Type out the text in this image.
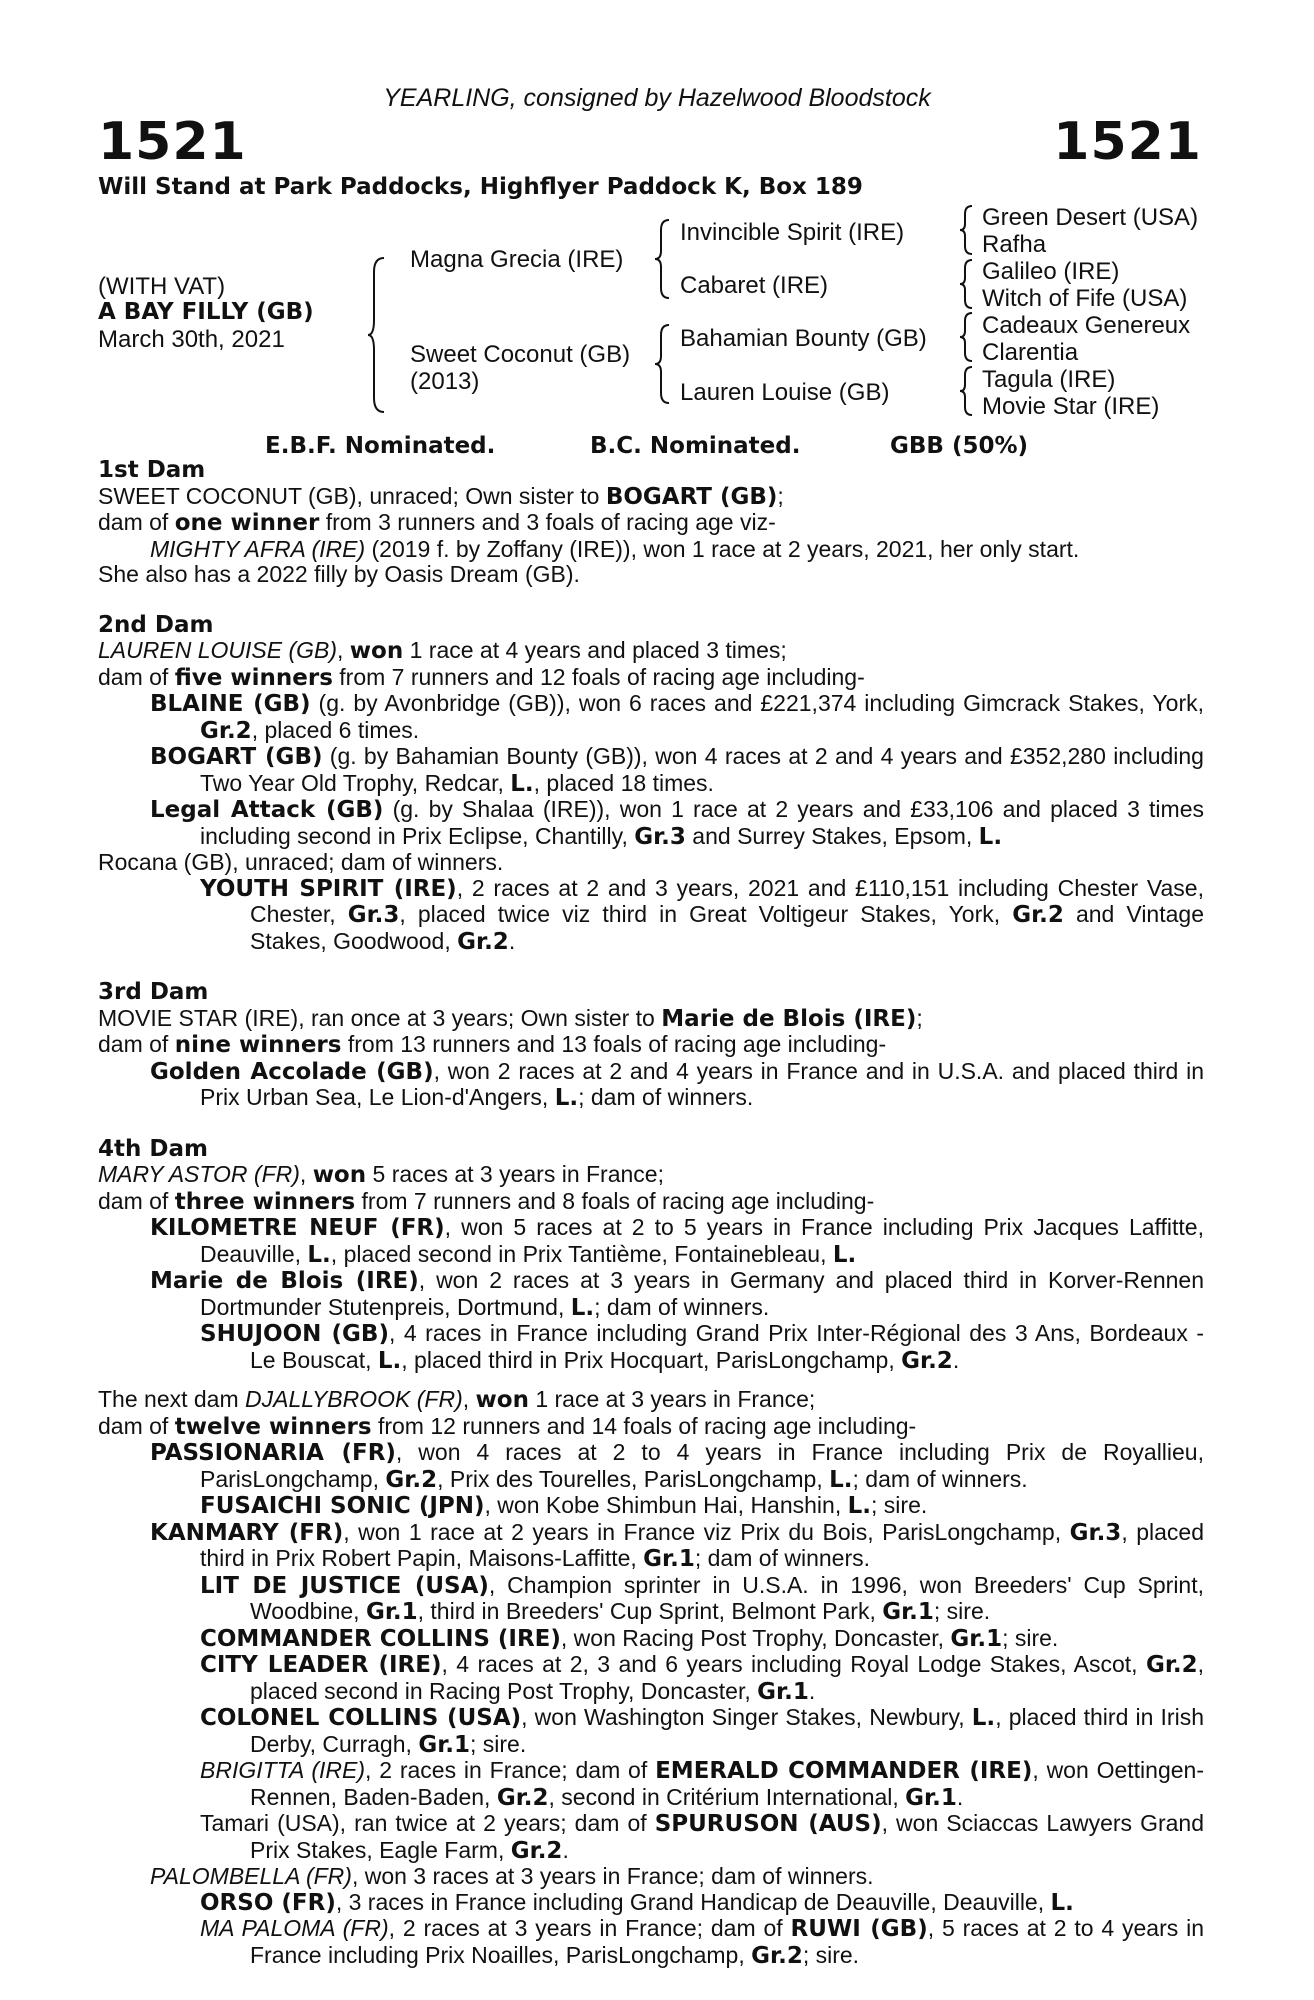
YEARLING, consigned by Hazelwood Bloodstock
1521	1521
Will Stand at Park Paddocks, Highflyer Paddock K, Box 189
(WITH VAT)
A BAY FILLY (GB)
March 30th, 2021
Magna Grecia (IRE)
Sweet Coconut (GB)
(2013)
Invincible Spirit (IRE)
Cabaret (IRE)
Bahamian Bounty (GB)
Lauren Louise (GB)
Green Desert (USA)
Rafha
Galileo (IRE)
Witch of Fife (USA)
Cadeaux Genereux
Clarentia
Tagula (IRE)
Movie Star (IRE)
E.B.F. Nominated.	B.C. Nominated.	GBB (50%)

1st Dam

SWEET COCONUT (GB), unraced; Own sister to BOGART (GB);

dam of one winner from 3 runners and 3 foals of racing age viz-

MIGHTY AFRA (IRE) (2019 f. by Zoffany (IRE)), won 1 race at 2 years, 2021, her only start.

She also has a 2022 filly by Oasis Dream (GB).

2nd Dam

LAUREN LOUISE (GB), won 1 race at 4 years and placed 3 times;

dam of five winners from 7 runners and 12 foals of racing age including-

BLAINE (GB) (g. by Avonbridge (GB)), won 6 races and £221,374 including Gimcrack Stakes, York, Gr.2, placed 6 times.

BOGART (GB) (g. by Bahamian Bounty (GB)), won 4 races at 2 and 4 years and £352,280 including Two Year Old Trophy, Redcar, L., placed 18 times.

Legal Attack (GB) (g. by Shalaa (IRE)), won 1 race at 2 years and £33,106 and placed 3 times including second in Prix Eclipse, Chantilly, Gr.3 and Surrey Stakes, Epsom, L.

Rocana (GB), unraced; dam of winners.

YOUTH SPIRIT (IRE), 2 races at 2 and 3 years, 2021 and £110,151 including Chester Vase, Chester, Gr.3, placed twice viz third in Great Voltigeur Stakes, York, Gr.2 and Vintage Stakes, Goodwood, Gr.2.

3rd Dam

MOVIE STAR (IRE), ran once at 3 years; Own sister to Marie de Blois (IRE);

dam of nine winners from 13 runners and 13 foals of racing age including-

Golden Accolade (GB), won 2 races at 2 and 4 years in France and in U.S.A. and placed third in Prix Urban Sea, Le Lion-d'Angers, L.; dam of winners.

4th Dam

MARY ASTOR (FR), won 5 races at 3 years in France;

dam of three winners from 7 runners and 8 foals of racing age including-

KILOMETRE NEUF (FR), won 5 races at 2 to 5 years in France including Prix Jacques Laffitte, Deauville, L., placed second in Prix Tantième, Fontainebleau, L.

Marie de Blois (IRE), won 2 races at 3 years in Germany and placed third in Korver-Rennen Dortmunder Stutenpreis, Dortmund, L.; dam of winners.

SHUJOON (GB), 4 races in France including Grand Prix Inter-Régional des 3 Ans, Bordeaux - Le Bouscat, L., placed third in Prix Hocquart, ParisLongchamp, Gr.2.

The next dam DJALLYBROOK (FR), won 1 race at 3 years in France;

dam of twelve winners from 12 runners and 14 foals of racing age including-

PASSIONARIA (FR), won 4 races at 2 to 4 years in France including Prix de Royallieu, ParisLongchamp, Gr.2, Prix des Tourelles, ParisLongchamp, L.; dam of winners.

FUSAICHI SONIC (JPN), won Kobe Shimbun Hai, Hanshin, L.; sire.

KANMARY (FR), won 1 race at 2 years in France viz Prix du Bois, ParisLongchamp, Gr.3, placed third in Prix Robert Papin, Maisons-Laffitte, Gr.1; dam of winners.

LIT DE JUSTICE (USA), Champion sprinter in U.S.A. in 1996, won Breeders' Cup Sprint, Woodbine, Gr.1, third in Breeders' Cup Sprint, Belmont Park, Gr.1; sire.

COMMANDER COLLINS (IRE), won Racing Post Trophy, Doncaster, Gr.1; sire.

CITY LEADER (IRE), 4 races at 2, 3 and 6 years including Royal Lodge Stakes, Ascot, Gr.2, placed second in Racing Post Trophy, Doncaster, Gr.1.

COLONEL COLLINS (USA), won Washington Singer Stakes, Newbury, L., placed third in Irish Derby, Curragh, Gr.1; sire.

BRIGITTA (IRE), 2 races in France; dam of EMERALD COMMANDER (IRE), won Oettingen-Rennen, Baden-Baden, Gr.2, second in Critérium International, Gr.1.

Tamari (USA), ran twice at 2 years; dam of SPURUSON (AUS), won Sciaccas Lawyers Grand Prix Stakes, Eagle Farm, Gr.2.

PALOMBELLA (FR), won 3 races at 3 years in France; dam of winners.

ORSO (FR), 3 races in France including Grand Handicap de Deauville, Deauville, L.

MA PALOMA (FR), 2 races at 3 years in France; dam of RUWI (GB), 5 races at 2 to 4 years in France including Prix Noailles, ParisLongchamp, Gr.2; sire.
